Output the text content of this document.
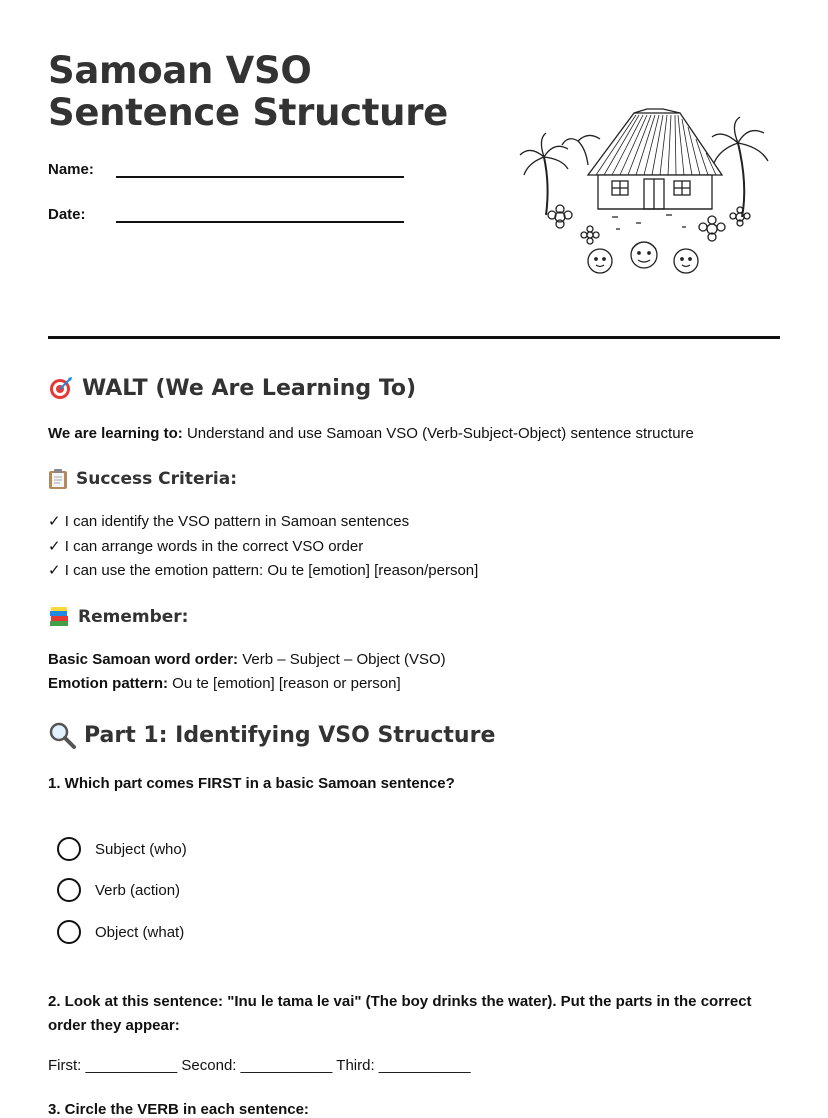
Samoan VSO Sentence Structure
Name:
Date:
WALT (We Are Learning To)
We are learning to: Understand and use Samoan VSO (Verb-Subject-Object) sentence structure
Success Criteria:
✓ I can identify the VSO pattern in Samoan sentences
✓ I can arrange words in the correct VSO order
✓ I can use the emotion pattern: Ou te [emotion] [reason/person]
Remember:
Basic Samoan word order: Verb – Subject – Object (VSO)
Emotion pattern: Ou te [emotion] [reason or person]
Part 1: Identifying VSO Structure
1. Which part comes FIRST in a basic Samoan sentence?
Subject (who)
Verb (action)
Object (what)
2. Look at this sentence: "Inu le tama le vai" (The boy drinks the water). Put the parts in the correct order they appear:
First: ___________ Second: ___________ Third: ___________
3. Circle the VERB in each sentence:
